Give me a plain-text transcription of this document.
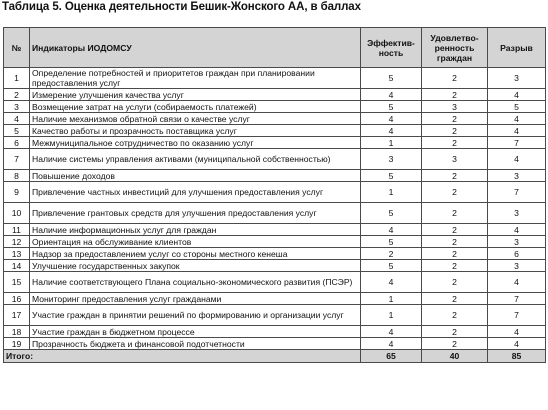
Таблица 5. Оценка деятельности Бешик-Жонского АА, в баллах
№	Индикаторы ИОДОМСУ	Эффектив-ность	Удовлетво-ренность граждан	Разрыв
1	Определение потребностей и приоритетов граждан при планировании предоставления услуг	5	2	3
2	Измерение улучшения качества услуг	4	2	4
3	Возмещение затрат на услуги (собираемость платежей)	5	3	5
4	Наличие механизмов обратной связи о качестве услуг	4	2	4
5	Качество работы и прозрачность поставщика услуг	4	2	4
6	Межмуниципальное сотрудничество по оказанию услуг	1	2	7
7	Наличие системы управления активами (муниципальной собственностью)	3	3	4
8	Повышение доходов	5	2	3
9	Привлечение частных инвестиций для улучшения предоставления услуг	1	2	7
10	Привлечение грантовых средств для улучшения предоставления услуг	5	2	3
11	Наличие информационных услуг для граждан	4	2	4
12	Ориентация на обслуживание клиентов	5	2	3
13	Надзор за предоставлением услуг со стороны местного кенеша	2	2	6
14	Улучшение государственных закупок	5	2	3
15	Наличие соответствующего Плана социально-экономического развития (ПСЭР)	4	2	4
16	Мониторинг предоставления услуг гражданами	1	2	7
17	Участие граждан в принятии решений по формированию и организации услуг	1	2	7
18	Участие граждан в бюджетном процессе	4	2	4
19	Прозрачность бюджета и финансовой подотчетности	4	2	4
Итого:		65	40	85
